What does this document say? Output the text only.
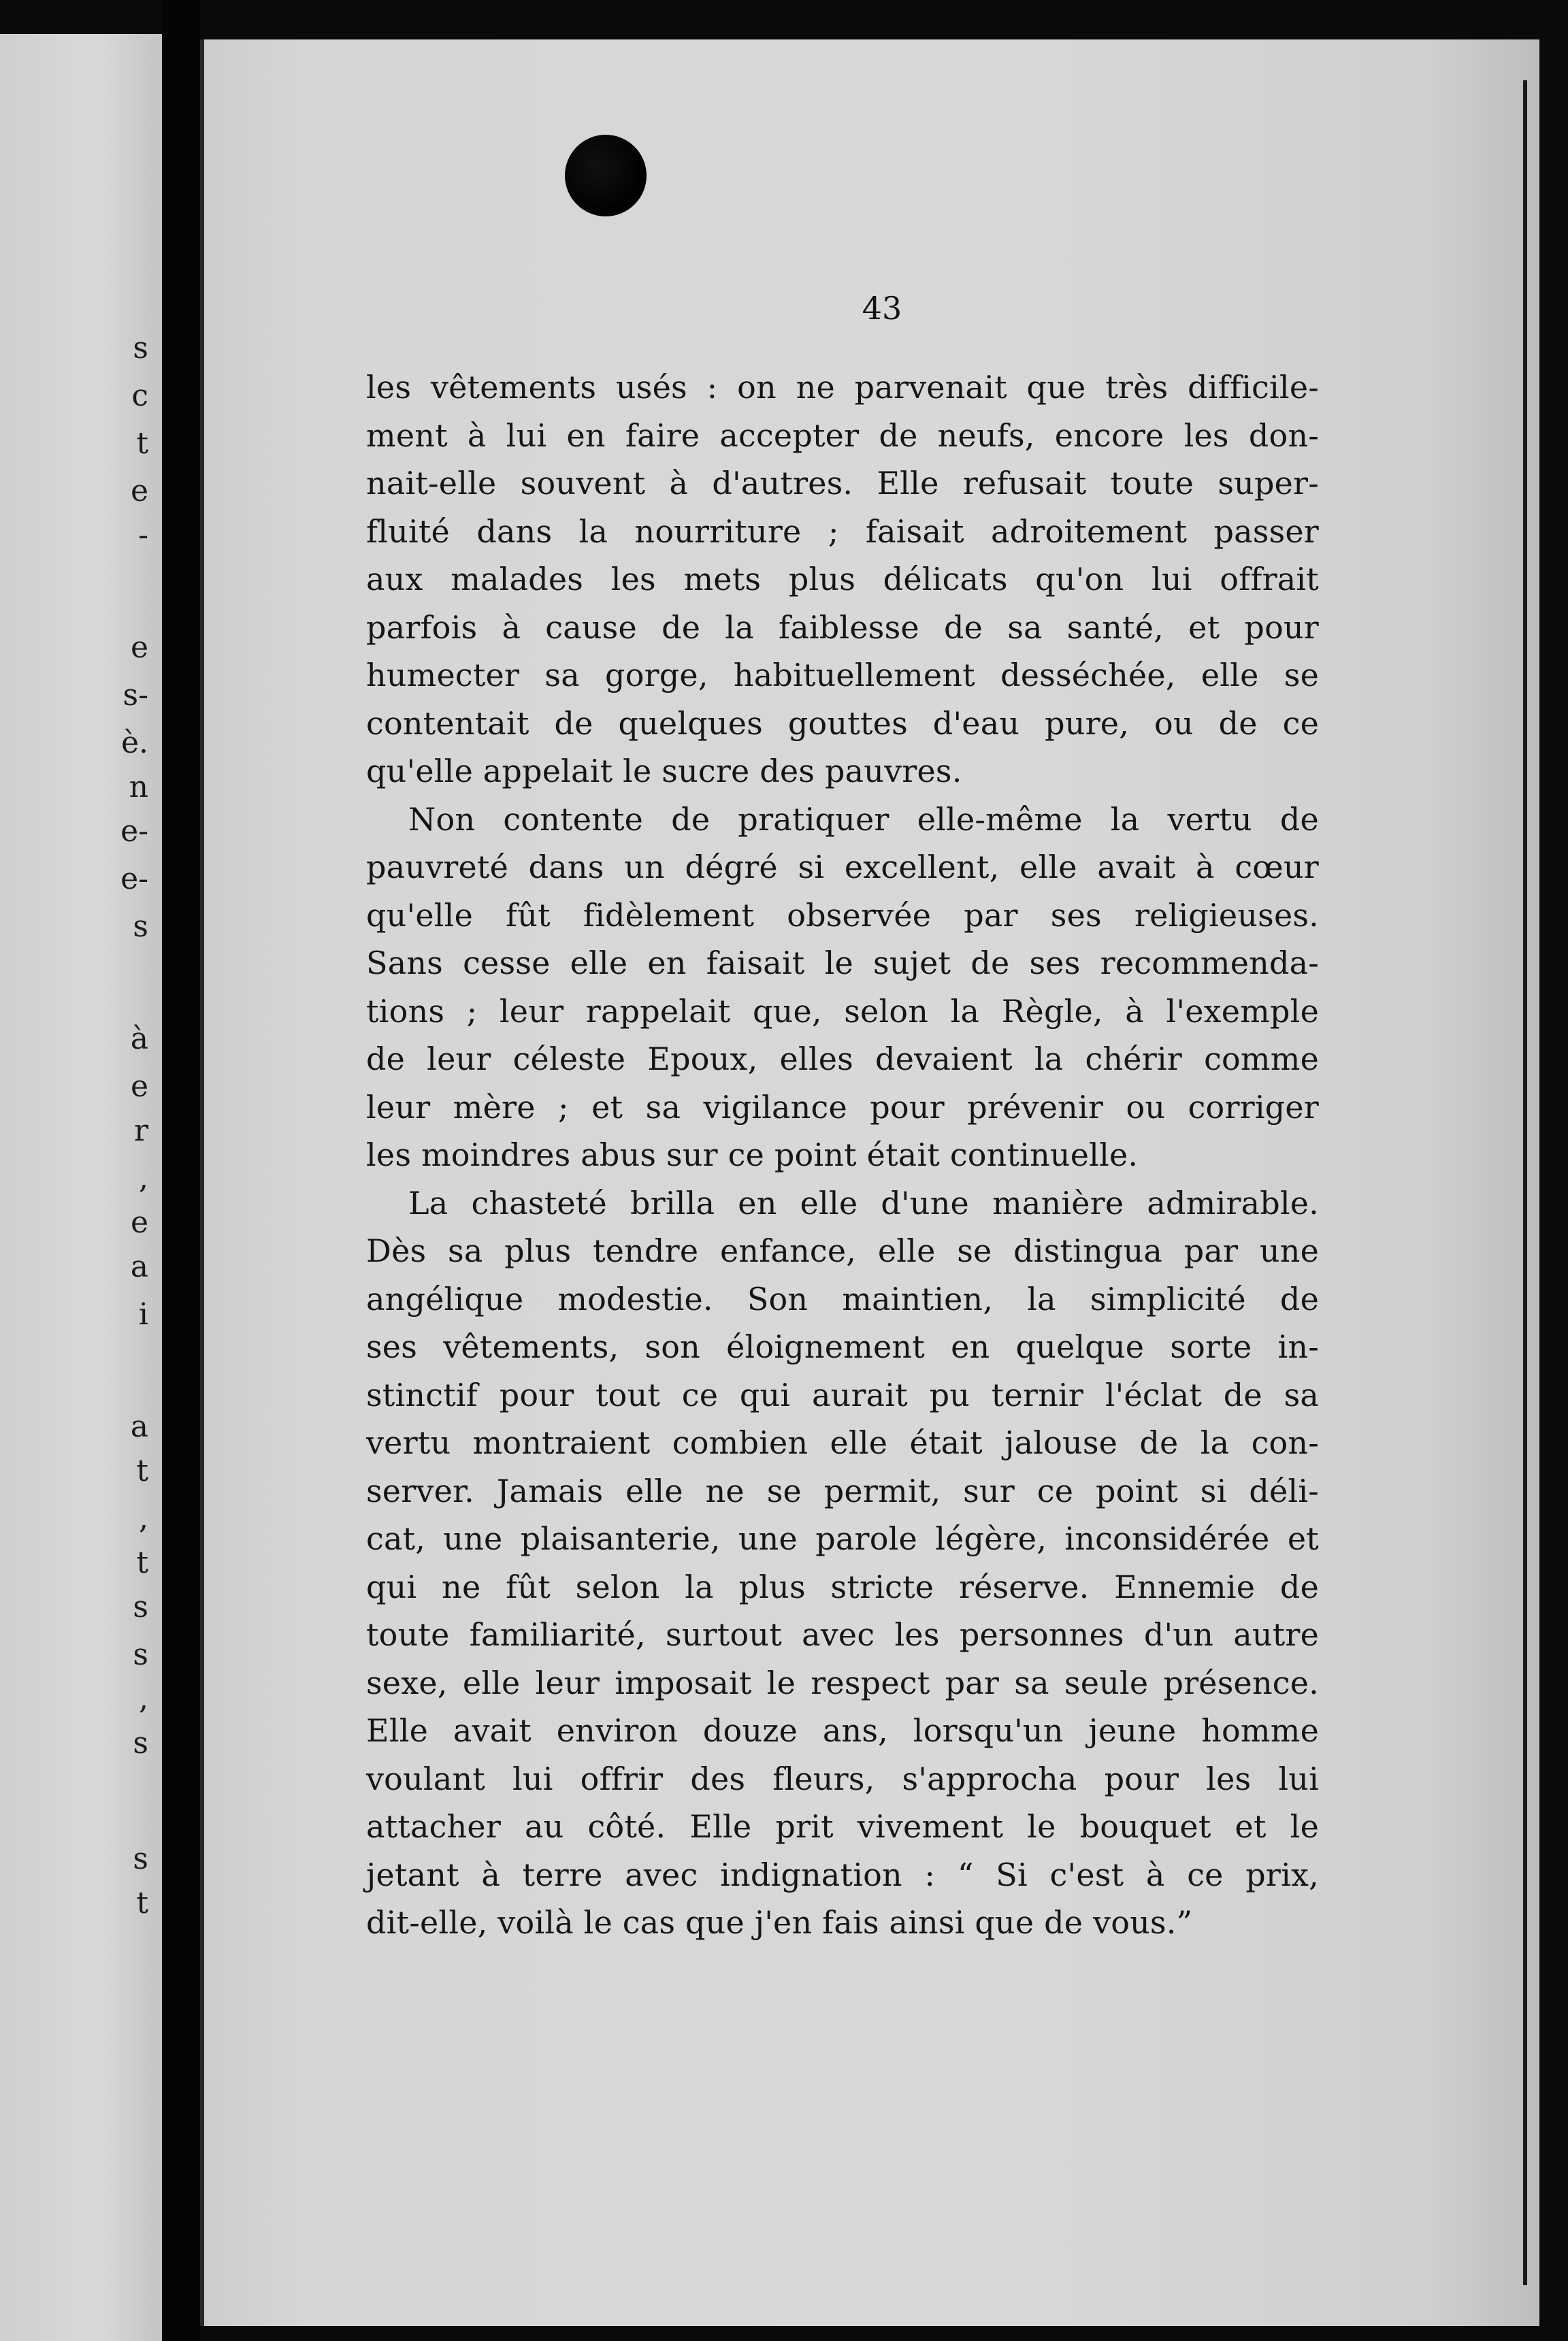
s
c
t
e
-
e
s-
è.
n
e-
e-
s
à
e
r
,
e
a
i
a
t
,
t
s
s
,
s
s
t
43
les vêtements usés : on ne parvenait que très difficile-
ment à lui en faire accepter de neufs, encore les don-
nait-elle souvent à d'autres. Elle refusait toute super-
fluité dans la nourriture ; faisait adroitement passer
aux malades les mets plus délicats qu'on lui offrait
parfois à cause de la faiblesse de sa santé, et pour
humecter sa gorge, habituellement desséchée, elle se
contentait de quelques gouttes d'eau pure, ou de ce
qu'elle appelait le sucre des pauvres.
Non contente de pratiquer elle-même la vertu de
pauvreté dans un dégré si excellent, elle avait à cœur
qu'elle fût fidèlement observée par ses religieuses.
Sans cesse elle en faisait le sujet de ses recommenda-
tions ; leur rappelait que, selon la Règle, à l'exemple
de leur céleste Epoux, elles devaient la chérir comme
leur mère ; et sa vigilance pour prévenir ou corriger
les moindres abus sur ce point était continuelle.
La chasteté brilla en elle d'une manière admirable.
Dès sa plus tendre enfance, elle se distingua par une
angélique modestie. Son maintien, la simplicité de
ses vêtements, son éloignement en quelque sorte in-
stinctif pour tout ce qui aurait pu ternir l'éclat de sa
vertu montraient combien elle était jalouse de la con-
server. Jamais elle ne se permit, sur ce point si déli-
cat, une plaisanterie, une parole légère, inconsidérée et
qui ne fût selon la plus stricte réserve. Ennemie de
toute familiarité, surtout avec les personnes d'un autre
sexe, elle leur imposait le respect par sa seule présence.
Elle avait environ douze ans, lorsqu'un jeune homme
voulant lui offrir des fleurs, s'approcha pour les lui
attacher au côté. Elle prit vivement le bouquet et le
jetant à terre avec indignation : “ Si c'est à ce prix,
dit-elle, voilà le cas que j'en fais ainsi que de vous.”
